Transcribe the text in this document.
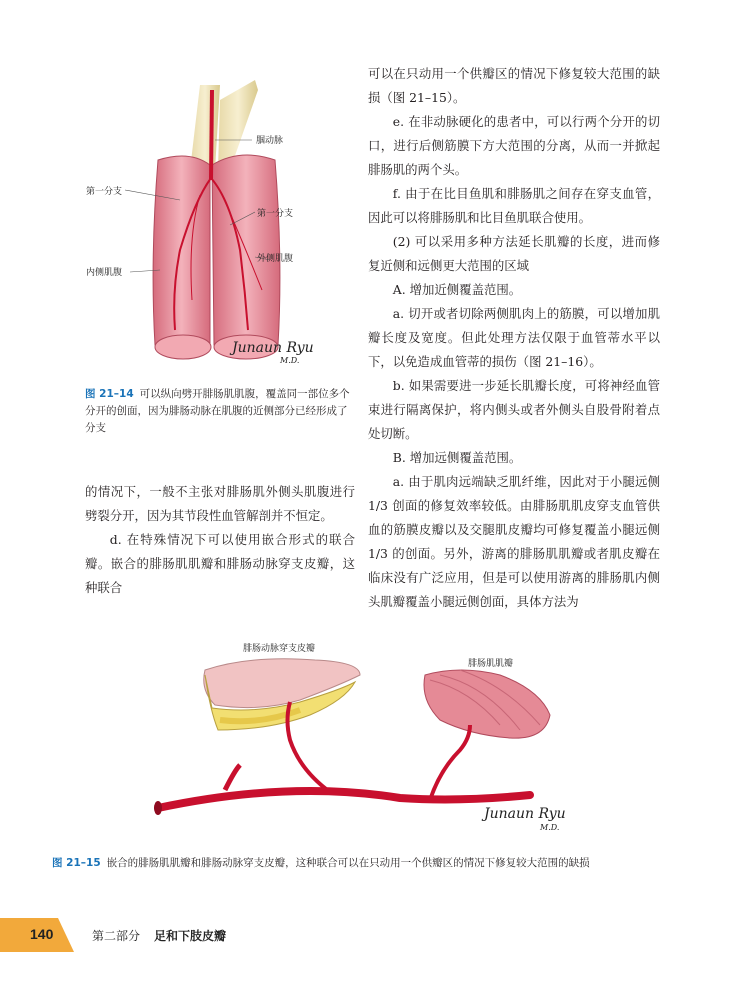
腘动脉
第一分支
第一分支
外侧肌腹
内侧肌腹
Junaun Ryu
M.D.
图 21–14 可以纵向劈开腓肠肌肌腹，覆盖同一部位多个分开的创面，因为腓肠动脉在肌腹的近侧部分已经形成了分支

可以在只动用一个供瓣区的情况下修复较大范围的缺损（图 21–15）。

e. 在非动脉硬化的患者中，可以行两个分开的切口，进行后侧筋膜下方大范围的分离，从而一并掀起腓肠肌的两个头。

f. 由于在比目鱼肌和腓肠肌之间存在穿支血管，因此可以将腓肠肌和比目鱼肌联合使用。

(2) 可以采用多种方法延长肌瓣的长度，进而修复近侧和远侧更大范围的区域

A. 增加近侧覆盖范围。

a. 切开或者切除两侧肌肉上的筋膜，可以增加肌瓣长度及宽度。但此处理方法仅限于血管蒂水平以下，以免造成血管蒂的损伤（图 21–16）。

b. 如果需要进一步延长肌瓣长度，可将神经血管束进行隔离保护，将内侧头或者外侧头自股骨附着点处切断。

B. 增加远侧覆盖范围。

a. 由于肌肉远端缺乏肌纤维，因此对于小腿远侧 1/3 创面的修复效率较低。由腓肠肌肌皮穿支血管供血的筋膜皮瓣以及交腿肌皮瓣均可修复覆盖小腿远侧 1/3 的创面。另外，游离的腓肠肌肌瓣或者肌皮瓣在临床没有广泛应用，但是可以使用游离的腓肠肌内侧头肌瓣覆盖小腿远侧创面，具体方法为

的情况下，一般不主张对腓肠肌外侧头肌腹进行劈裂分开，因为其节段性血管解剖并不恒定。

d. 在特殊情况下可以使用嵌合形式的联合瓣。嵌合的腓肠肌肌瓣和腓肠动脉穿支皮瓣，这种联合

腓肠动脉穿支皮瓣
腓肠肌肌瓣
Junaun Ryu
M.D.
图 21–15 嵌合的腓肠肌肌瓣和腓肠动脉穿支皮瓣，这种联合可以在只动用一个供瓣区的情况下修复较大范围的缺损
140	第二部分 足和下肢皮瓣
